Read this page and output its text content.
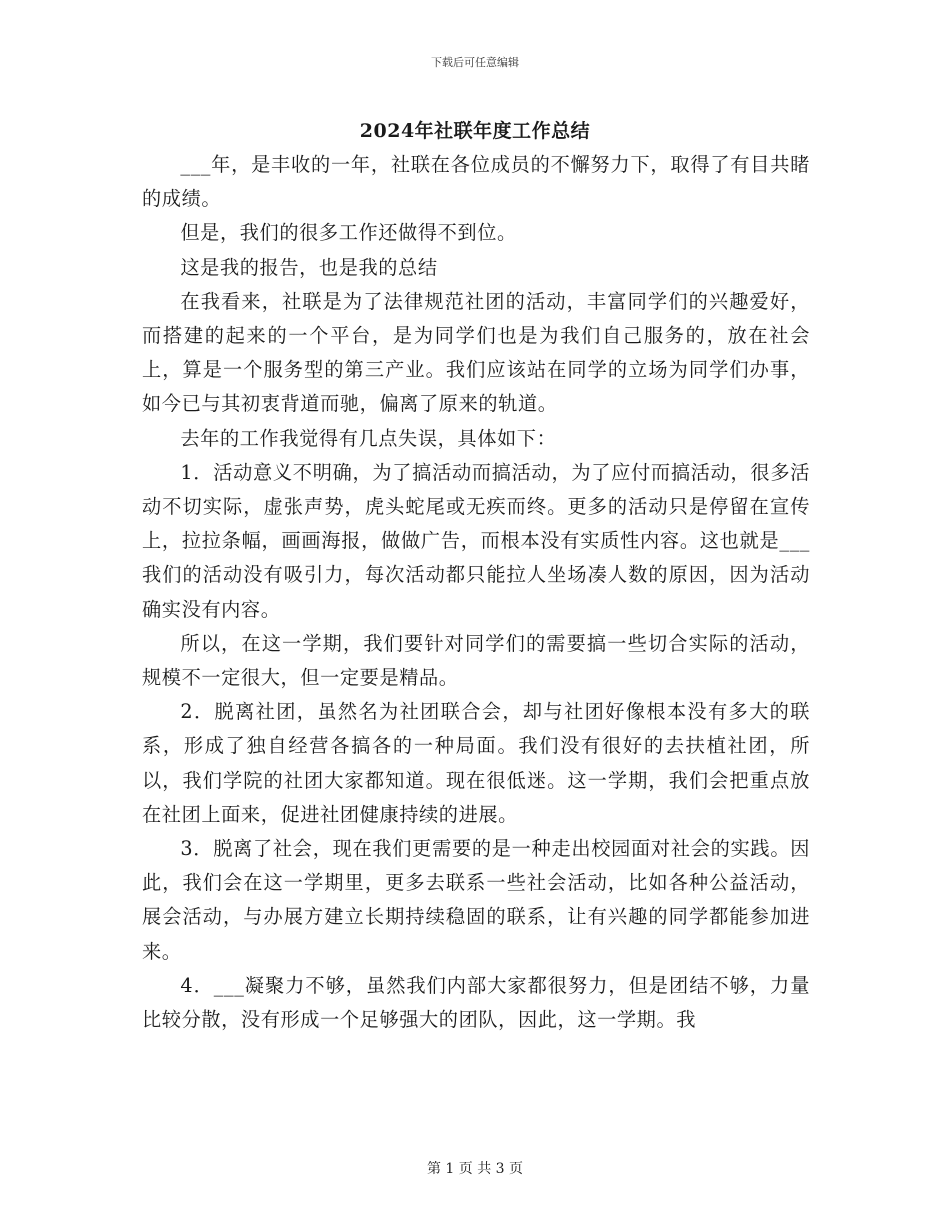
下载后可任意编辑
2024年社联年度工作总结

___年，是丰收的一年，社联在各位成员的不懈努力下，取得了有目共睹的成绩。

但是，我们的很多工作还做得不到位。

这是我的报告，也是我的总结

在我看来，社联是为了法律规范社团的活动，丰富同学们的兴趣爱好，而搭建的起来的一个平台，是为同学们也是为我们自己服务的，放在社会上，算是一个服务型的第三产业。我们应该站在同学的立场为同学们办事，如今已与其初衷背道而驰，偏离了原来的轨道。

去年的工作我觉得有几点失误，具体如下：

1．活动意义不明确，为了搞活动而搞活动，为了应付而搞活动，很多活动不切实际，虚张声势，虎头蛇尾或无疾而终。更多的活动只是停留在宣传上，拉拉条幅，画画海报，做做广告，而根本没有实质性内容。这也就是___我们的活动没有吸引力，每次活动都只能拉人坐场凑人数的原因，因为活动确实没有内容。

所以，在这一学期，我们要针对同学们的需要搞一些切合实际的活动，规模不一定很大，但一定要是精品。

2．脱离社团，虽然名为社团联合会，却与社团好像根本没有多大的联系，形成了独自经营各搞各的一种局面。我们没有很好的去扶植社团，所以，我们学院的社团大家都知道。现在很低迷。这一学期，我们会把重点放在社团上面来，促进社团健康持续的进展。

3．脱离了社会，现在我们更需要的是一种走出校园面对社会的实践。因此，我们会在这一学期里，更多去联系一些社会活动，比如各种公益活动，展会活动，与办展方建立长期持续稳固的联系，让有兴趣的同学都能参加进来。

4．___凝聚力不够，虽然我们内部大家都很努力，但是团结不够，力量比较分散，没有形成一个足够强大的团队，因此，这一学期。我

第 1 页 共 3 页
